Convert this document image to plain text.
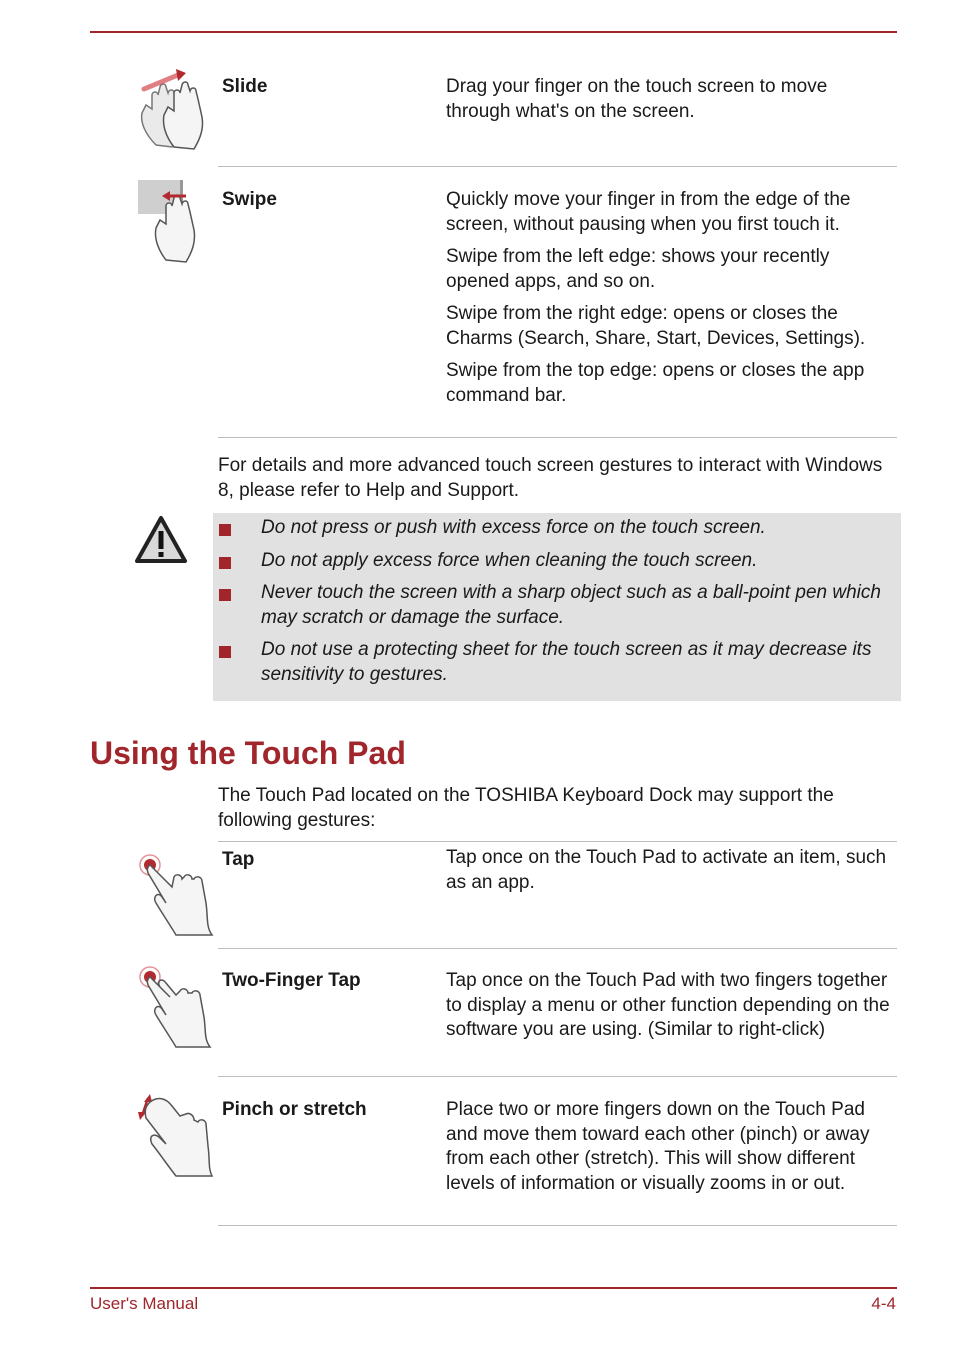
Slide	Drag your finger on the touch screen to move through what's on the screen.

Swipe	Quickly move your finger in from the edge of the screen, without pausing when you first touch it.

Swipe from the left edge: shows your recently opened apps, and so on.

Swipe from the right edge: opens or closes the Charms (Search, Share, Start, Devices, Settings).

Swipe from the top edge: opens or closes the app command bar.

For details and more advanced touch screen gestures to interact with Windows 8, please refer to Help and Support.
Do not press or push with excess force on the touch screen.
Do not apply excess force when cleaning the touch screen.
Never touch the screen with a sharp object such as a ball-point pen which may scratch or damage the surface.
Do not use a protecting sheet for the touch screen as it may decrease its sensitivity to gestures.
Using the Touch Pad
The Touch Pad located on the TOSHIBA Keyboard Dock may support the following gestures:
Tap	Tap once on the Touch Pad to activate an item, such as an app.

Two-Finger Tap	Tap once on the Touch Pad with two fingers together to display a menu or other function depending on the software you are using. (Similar to right-click)

Pinch or stretch	Place two or more fingers down on the Touch Pad and move them toward each other (pinch) or away from each other (stretch). This will show different levels of information or visually zooms in or out.

User's Manual	4-4
